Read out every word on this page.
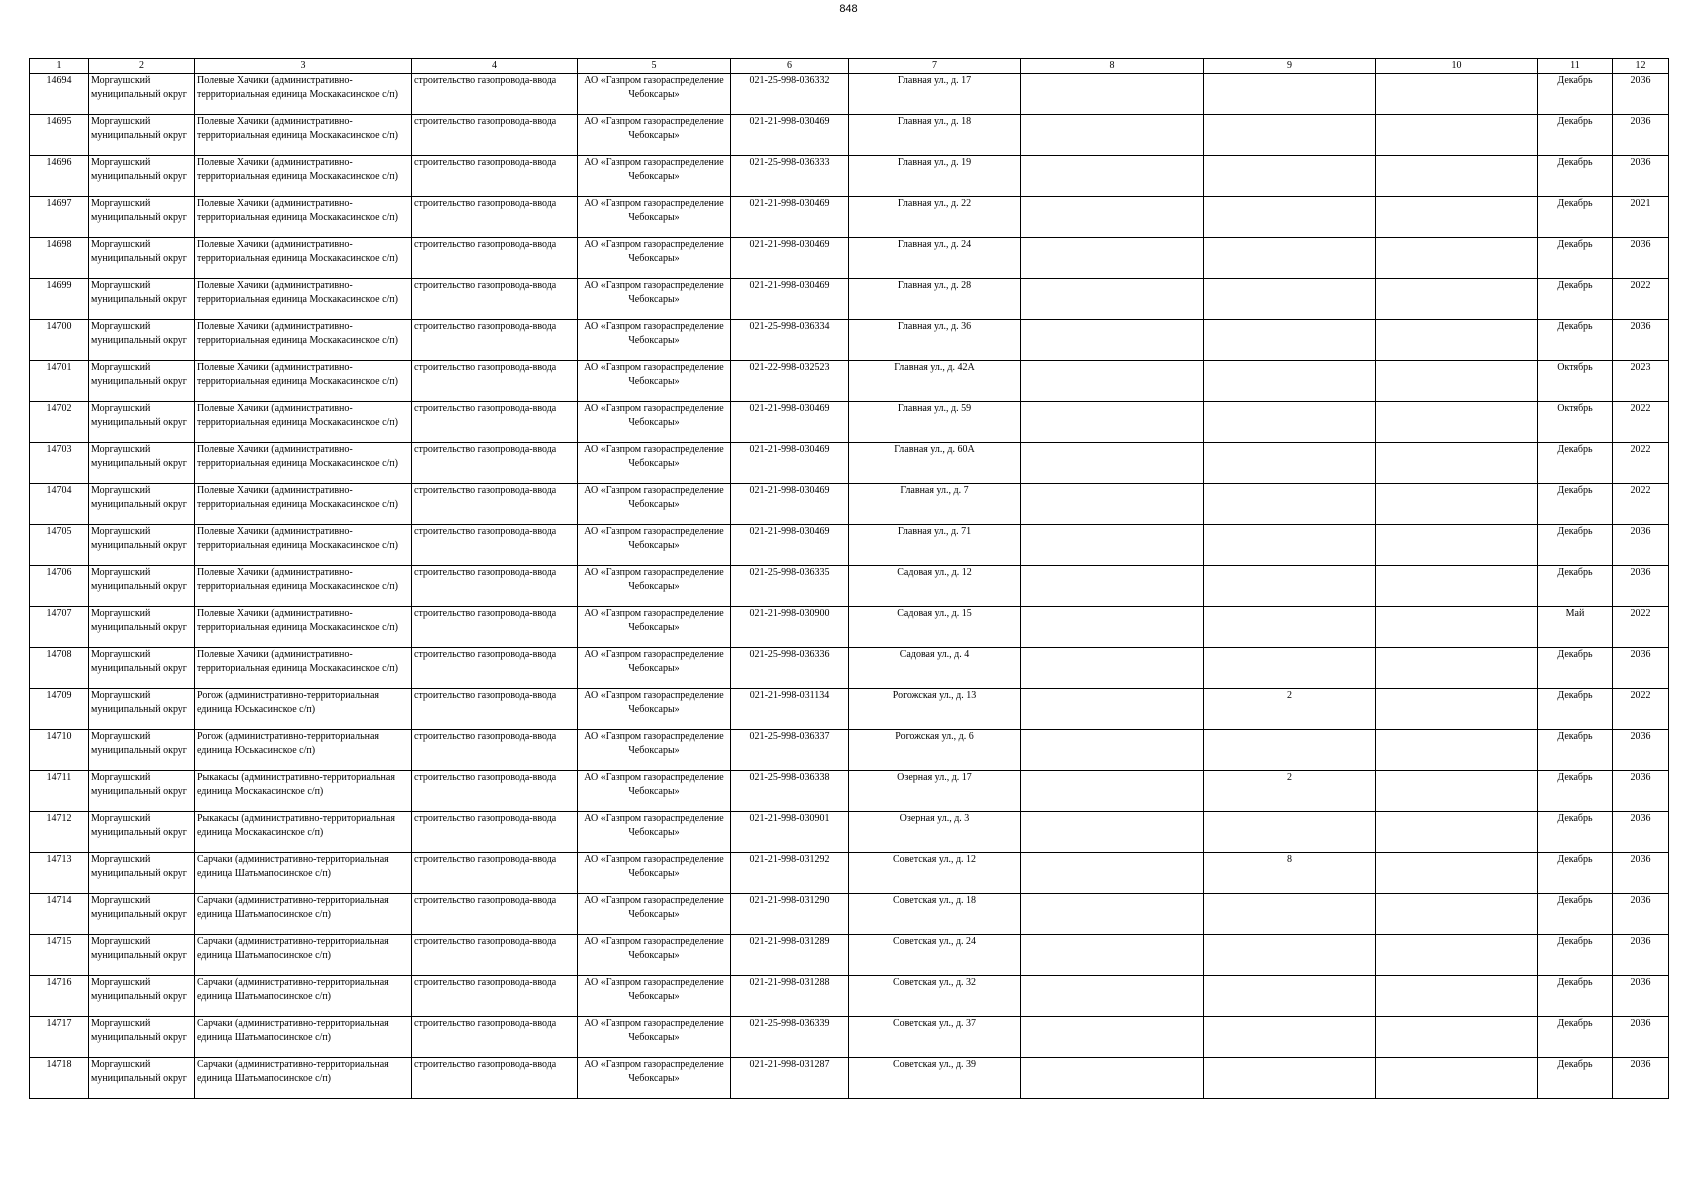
848
1	2	3	4	5	6	7	8	9	10	11	12

14694	Моргаушский муниципальный округ	Полевые Хачики (административно-территориальная единица Москакасинское с/п)	строительство газопровода-ввода	АО «Газпром газораспределение Чебоксары»	021-25-998-036332	Главная ул., д. 17				Декабрь	2036

14695	Моргаушский муниципальный округ	Полевые Хачики (административно-территориальная единица Москакасинское с/п)	строительство газопровода-ввода	АО «Газпром газораспределение Чебоксары»	021-21-998-030469	Главная ул., д. 18				Декабрь	2036

14696	Моргаушский муниципальный округ	Полевые Хачики (административно-территориальная единица Москакасинское с/п)	строительство газопровода-ввода	АО «Газпром газораспределение Чебоксары»	021-25-998-036333	Главная ул., д. 19				Декабрь	2036

14697	Моргаушский муниципальный округ	Полевые Хачики (административно-территориальная единица Москакасинское с/п)	строительство газопровода-ввода	АО «Газпром газораспределение Чебоксары»	021-21-998-030469	Главная ул., д. 22				Декабрь	2021

14698	Моргаушский муниципальный округ	Полевые Хачики (административно-территориальная единица Москакасинское с/п)	строительство газопровода-ввода	АО «Газпром газораспределение Чебоксары»	021-21-998-030469	Главная ул., д. 24				Декабрь	2036

14699	Моргаушский муниципальный округ	Полевые Хачики (административно-территориальная единица Москакасинское с/п)	строительство газопровода-ввода	АО «Газпром газораспределение Чебоксары»	021-21-998-030469	Главная ул., д. 28				Декабрь	2022

14700	Моргаушский муниципальный округ	Полевые Хачики (административно-территориальная единица Москакасинское с/п)	строительство газопровода-ввода	АО «Газпром газораспределение Чебоксары»	021-25-998-036334	Главная ул., д. 36				Декабрь	2036

14701	Моргаушский муниципальный округ	Полевые Хачики (административно-территориальная единица Москакасинское с/п)	строительство газопровода-ввода	АО «Газпром газораспределение Чебоксары»	021-22-998-032523	Главная ул., д. 42А				Октябрь	2023

14702	Моргаушский муниципальный округ	Полевые Хачики (административно-территориальная единица Москакасинское с/п)	строительство газопровода-ввода	АО «Газпром газораспределение Чебоксары»	021-21-998-030469	Главная ул., д. 59				Октябрь	2022

14703	Моргаушский муниципальный округ	Полевые Хачики (административно-территориальная единица Москакасинское с/п)	строительство газопровода-ввода	АО «Газпром газораспределение Чебоксары»	021-21-998-030469	Главная ул., д. 60А				Декабрь	2022

14704	Моргаушский муниципальный округ	Полевые Хачики (административно-территориальная единица Москакасинское с/п)	строительство газопровода-ввода	АО «Газпром газораспределение Чебоксары»	021-21-998-030469	Главная ул., д. 7				Декабрь	2022

14705	Моргаушский муниципальный округ	Полевые Хачики (административно-территориальная единица Москакасинское с/п)	строительство газопровода-ввода	АО «Газпром газораспределение Чебоксары»	021-21-998-030469	Главная ул., д. 71				Декабрь	2036

14706	Моргаушский муниципальный округ	Полевые Хачики (административно-территориальная единица Москакасинское с/п)	строительство газопровода-ввода	АО «Газпром газораспределение Чебоксары»	021-25-998-036335	Садовая ул., д. 12				Декабрь	2036

14707	Моргаушский муниципальный округ	Полевые Хачики (административно-территориальная единица Москакасинское с/п)	строительство газопровода-ввода	АО «Газпром газораспределение Чебоксары»	021-21-998-030900	Садовая ул., д. 15				Май	2022

14708	Моргаушский муниципальный округ	Полевые Хачики (административно-территориальная единица Москакасинское с/п)	строительство газопровода-ввода	АО «Газпром газораспределение Чебоксары»	021-25-998-036336	Садовая ул., д. 4				Декабрь	2036

14709	Моргаушский муниципальный округ	Рогож (административно-территориальная единица Юськасинское с/п)	строительство газопровода-ввода	АО «Газпром газораспределение Чебоксары»	021-21-998-031134	Рогожская ул., д. 13		2		Декабрь	2022

14710	Моргаушский муниципальный округ	Рогож (административно-территориальная единица Юськасинское с/п)	строительство газопровода-ввода	АО «Газпром газораспределение Чебоксары»	021-25-998-036337	Рогожская ул., д. 6				Декабрь	2036

14711	Моргаушский муниципальный округ	Рыкакасы (административно-территориальная единица Москакасинское с/п)	строительство газопровода-ввода	АО «Газпром газораспределение Чебоксары»	021-25-998-036338	Озерная ул., д. 17		2		Декабрь	2036

14712	Моргаушский муниципальный округ	Рыкакасы (административно-территориальная единица Москакасинское с/п)	строительство газопровода-ввода	АО «Газпром газораспределение Чебоксары»	021-21-998-030901	Озерная ул., д. 3				Декабрь	2036

14713	Моргаушский муниципальный округ	Сарчаки (административно-территориальная единица Шатьмапосинское с/п)	строительство газопровода-ввода	АО «Газпром газораспределение Чебоксары»	021-21-998-031292	Советская ул., д. 12		8		Декабрь	2036

14714	Моргаушский муниципальный округ	Сарчаки (административно-территориальная единица Шатьмапосинское с/п)	строительство газопровода-ввода	АО «Газпром газораспределение Чебоксары»	021-21-998-031290	Советская ул., д. 18				Декабрь	2036

14715	Моргаушский муниципальный округ	Сарчаки (административно-территориальная единица Шатьмапосинское с/п)	строительство газопровода-ввода	АО «Газпром газораспределение Чебоксары»	021-21-998-031289	Советская ул., д. 24				Декабрь	2036

14716	Моргаушский муниципальный округ	Сарчаки (административно-территориальная единица Шатьмапосинское с/п)	строительство газопровода-ввода	АО «Газпром газораспределение Чебоксары»	021-21-998-031288	Советская ул., д. 32				Декабрь	2036

14717	Моргаушский муниципальный округ	Сарчаки (административно-территориальная единица Шатьмапосинское с/п)	строительство газопровода-ввода	АО «Газпром газораспределение Чебоксары»	021-25-998-036339	Советская ул., д. 37				Декабрь	2036

14718	Моргаушский муниципальный округ	Сарчаки (административно-территориальная единица Шатьмапосинское с/п)	строительство газопровода-ввода	АО «Газпром газораспределение Чебоксары»	021-21-998-031287	Советская ул., д. 39				Декабрь	2036
